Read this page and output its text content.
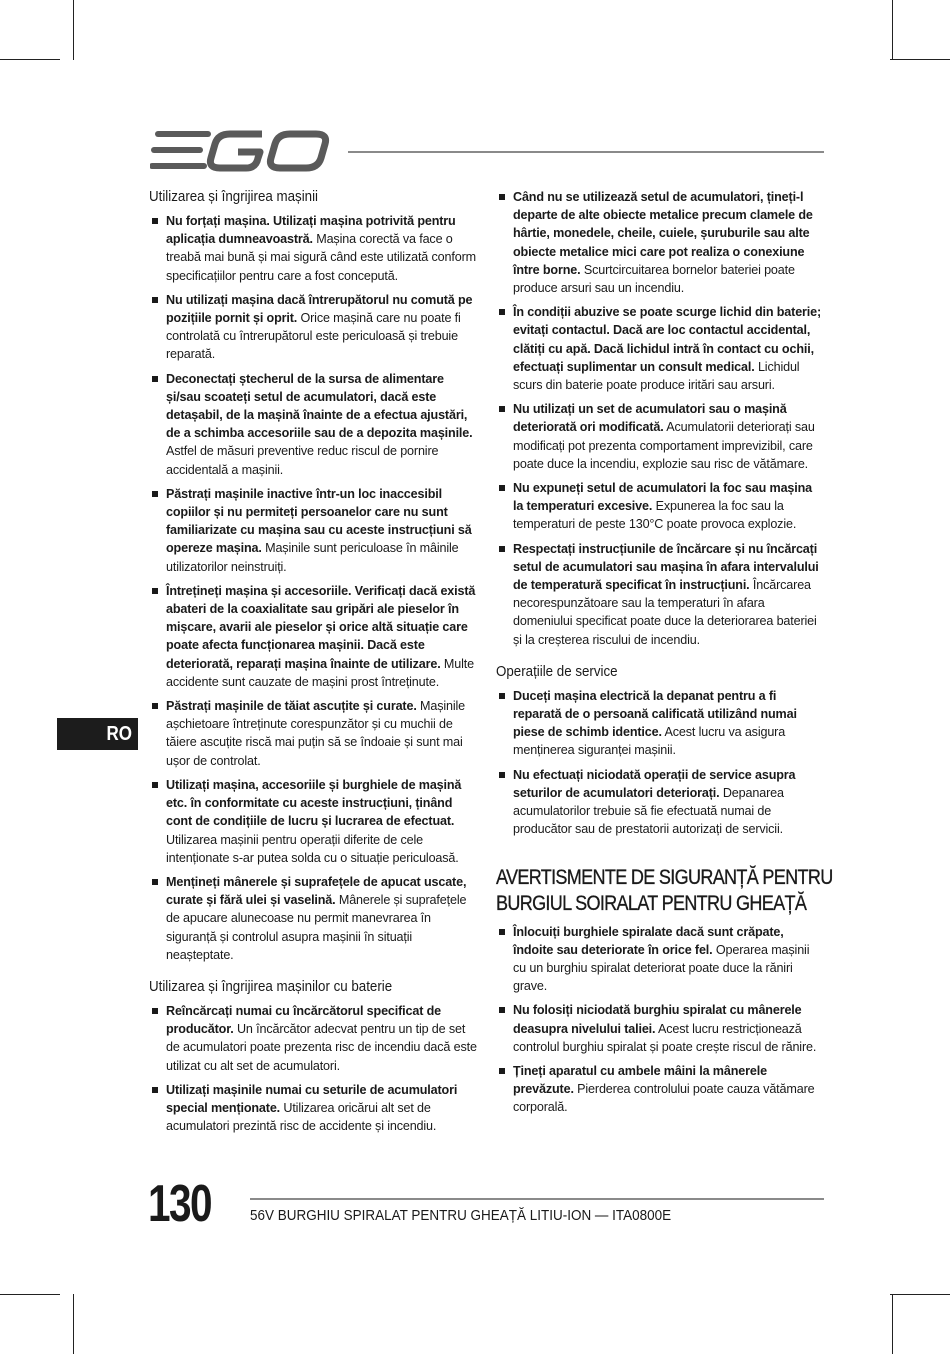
Utilizarea și îngrijirea mașinii
Nu forțați mașina. Utilizați mașina potrivită pentru aplicația dumneavoastră. Mașina corectă va face o treabă mai bună și mai sigură când este utilizată conform specificațiilor pentru care a fost concepută.
Nu utilizați mașina dacă întrerupătorul nu comută pe pozițiile pornit și oprit. Orice mașină care nu poate fi controlată cu întrerupătorul este periculoasă și trebuie reparată.
Deconectați ștecherul de la sursa de alimentare și/sau scoateți setul de acumulatori, dacă este detașabil, de la mașină înainte de a efectua ajustări, de a schimba accesoriile sau de a depozita mașinile. Astfel de măsuri preventive reduc riscul de pornire accidentală a mașinii.
Păstrați mașinile inactive într-un loc inaccesibil copiilor și nu permiteți persoanelor care nu sunt familiarizate cu mașina sau cu aceste instrucțiuni să opereze mașina. Mașinile sunt periculoase în mâinile utilizatorilor neinstruiți.
Întrețineți mașina și accesoriile. Verificați dacă există abateri de la coaxialitate sau gripări ale pieselor în mișcare, avarii ale pieselor și orice altă situație care poate afecta funcționarea mașinii. Dacă este deteriorată, reparați mașina înainte de utilizare. Multe accidente sunt cauzate de mașini prost întreținute.
Păstrați mașinile de tăiat ascuțite și curate. Mașinile așchietoare întreținute corespunzător și cu muchii de tăiere ascuțite riscă mai puțin să se îndoaie și sunt mai ușor de controlat.
Utilizați mașina, accesoriile și burghiele de mașină etc. în conformitate cu aceste instrucțiuni, ținând cont de condițiile de lucru și lucrarea de efectuat. Utilizarea mașinii pentru operații diferite de cele intenționate s-ar putea solda cu o situație periculoasă.
Mențineți mânerele și suprafețele de apucat uscate, curate și fără ulei și vaselină. Mânerele și suprafețele de apucare alunecoase nu permit manevrarea în siguranță și controlul asupra mașinii în situații neașteptate.
Utilizarea și îngrijirea mașinilor cu baterie
Reîncărcați numai cu încărcătorul specificat de producător. Un încărcător adecvat pentru un tip de set de acumulatori poate prezenta risc de incendiu dacă este utilizat cu alt set de acumulatori.
Utilizați mașinile numai cu seturile de acumulatori special menționate. Utilizarea oricărui alt set de acumulatori prezintă risc de accidente și incendiu.
Când nu se utilizează setul de acumulatori, țineți-l departe de alte obiecte metalice precum clamele de hârtie, monedele, cheile, cuiele, șuruburile sau alte obiecte metalice mici care pot realiza o conexiune între borne. Scurtcircuitarea bornelor bateriei poate produce arsuri sau un incendiu.
În condiții abuzive se poate scurge lichid din baterie; evitați contactul. Dacă are loc contactul accidental, clătiți cu apă. Dacă lichidul intră în contact cu ochii, efectuați suplimentar un consult medical. Lichidul scurs din baterie poate produce iritări sau arsuri.
Nu utilizați un set de acumulatori sau o mașină deteriorată ori modificată. Acumulatorii deteriorați sau modificați pot prezenta comportament imprevizibil, care poate duce la incendiu, explozie sau risc de vătămare.
Nu expuneți setul de acumulatori la foc sau mașina la temperaturi excesive. Expunerea la foc sau la temperaturi de peste 130°C poate provoca explozie.
Respectați instrucțiunile de încărcare și nu încărcați setul de acumulatori sau mașina în afara intervalului de temperatură specificat în instrucțiuni. Încărcarea necorespunzătoare sau la temperaturi în afara domeniului specificat poate duce la deteriorarea bateriei și la creșterea riscului de incendiu.
Operațiile de service
Duceți mașina electrică la depanat pentru a fi reparată de o persoană calificată utilizând numai piese de schimb identice. Acest lucru va asigura menținerea siguranței mașinii.
Nu efectuați niciodată operații de service asupra seturilor de acumulatori deteriorați. Depanarea acumulatorilor trebuie să fie efectuată numai de producător sau de prestatorii autorizați de servicii.
AVERTISMENTE DE SIGURANȚĂ PENTRU
BURGIUL SOIRALAT PENTRU GHEAȚĂ
Înlocuiți burghiele spiralate dacă sunt crăpate, îndoite sau deteriorate în orice fel. Operarea mașinii cu un burghiu spiralat deteriorat poate duce la răniri grave.
Nu folosiți niciodată burghiu spiralat cu mânerele deasupra nivelului taliei. Acest lucru restricționează controlul burghiu spiralat și poate crește riscul de rănire.
Țineți aparatul cu ambele mâini la mânerele prevăzute. Pierderea controlului poate cauza vătămare corporală.
RO
130	56V BURGHIU SPIRALAT PENTRU GHEAȚĂ LITIU-ION — ITA0800E
